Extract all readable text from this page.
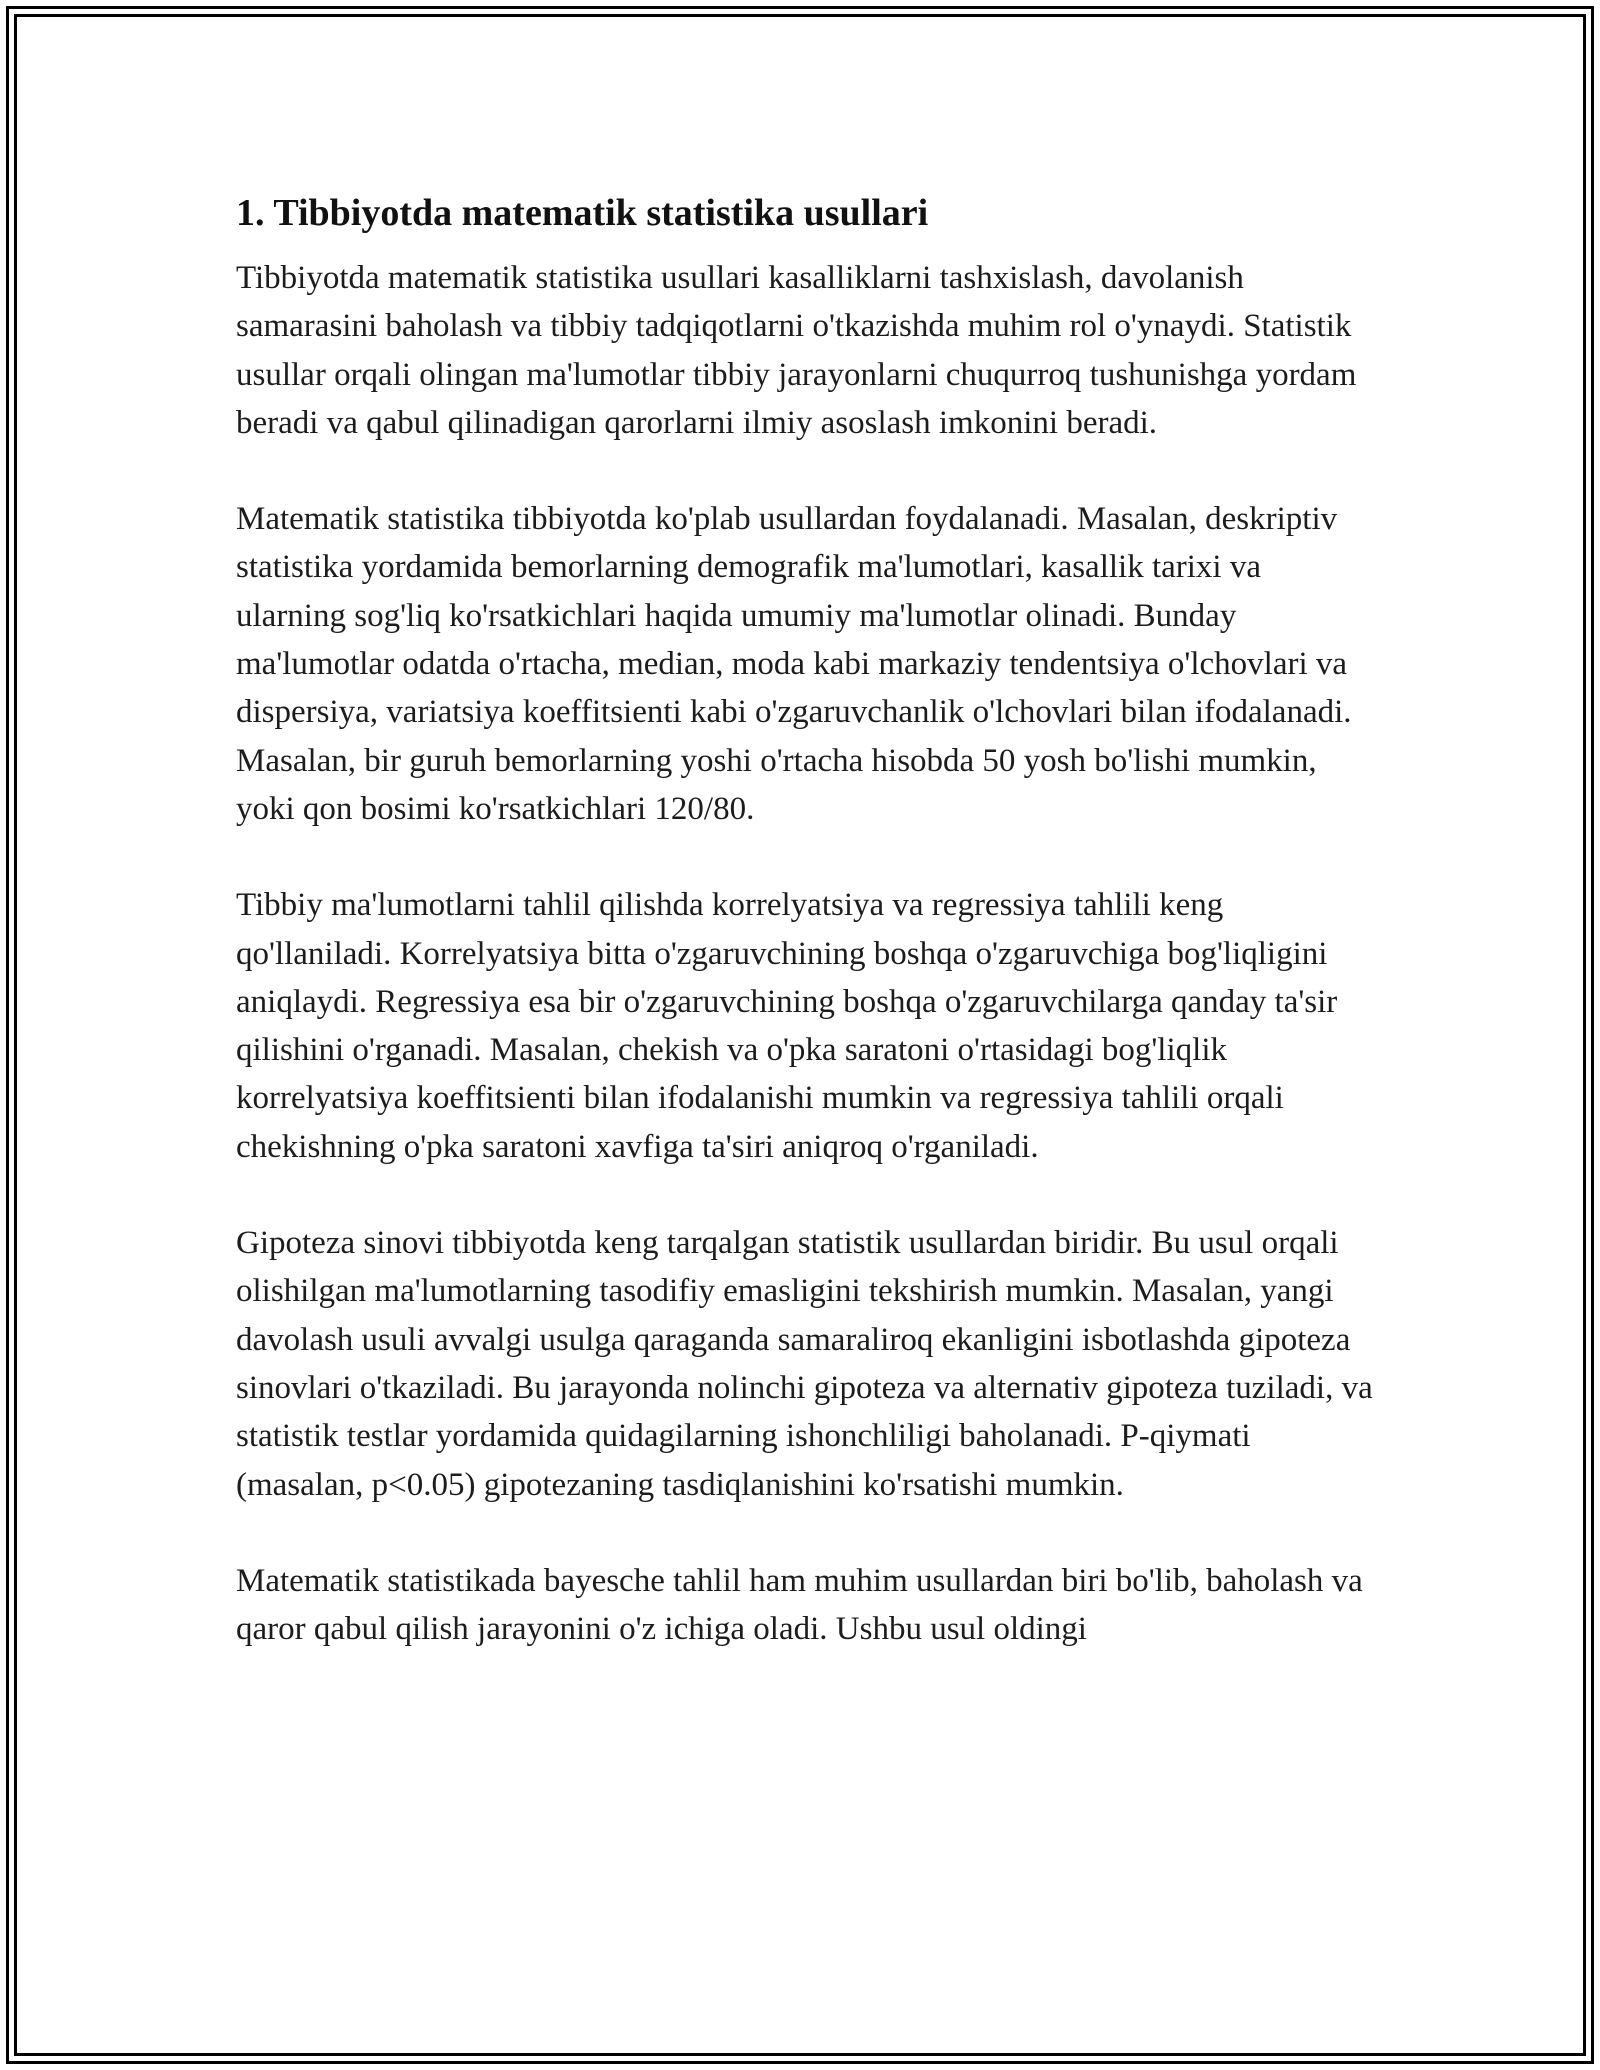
1. Tibbiyotda matematik statistika usullari

Tibbiyotda matematik statistika usullari kasalliklarni tashxislash, davolanish samarasini baholash va tibbiy tadqiqotlarni o'tkazishda muhim rol o'ynaydi. Statistik usullar orqali olingan ma'lumotlar tibbiy jarayonlarni chuqurroq tushunishga yordam beradi va qabul qilinadigan qarorlarni ilmiy asoslash imkonini beradi.

Matematik statistika tibbiyotda ko'plab usullardan foydalanadi. Masalan, deskriptiv statistika yordamida bemorlarning demografik ma'lumotlari, kasallik tarixi va ularning sog'liq ko'rsatkichlari haqida umumiy ma'lumotlar olinadi. Bunday ma'lumotlar odatda o'rtacha, median, moda kabi markaziy tendentsiya o'lchovlari va dispersiya, variatsiya koeffitsienti kabi o'zgaruvchanlik o'lchovlari bilan ifodalanadi. Masalan, bir guruh bemorlarning yoshi o'rtacha hisobda 50 yosh bo'lishi mumkin, yoki qon bosimi ko'rsatkichlari 120/80.

Tibbiy ma'lumotlarni tahlil qilishda korrelyatsiya va regressiya tahlili keng qo'llaniladi. Korrelyatsiya bitta o'zgaruvchining boshqa o'zgaruvchiga bog'liqligini aniqlaydi. Regressiya esa bir o'zgaruvchining boshqa o'zgaruvchilarga qanday ta'sir qilishini o'rganadi. Masalan, chekish va o'pka saratoni o'rtasidagi bog'liqlik korrelyatsiya koeffitsienti bilan ifodalanishi mumkin va regressiya tahlili orqali chekishning o'pka saratoni xavfiga ta'siri aniqroq o'rganiladi.

Gipoteza sinovi tibbiyotda keng tarqalgan statistik usullardan biridir. Bu usul orqali olishilgan ma'lumotlarning tasodifiy emasligini tekshirish mumkin. Masalan, yangi davolash usuli avvalgi usulga qaraganda samaraliroq ekanligini isbotlashda gipoteza sinovlari o'tkaziladi. Bu jarayonda nolinchi gipoteza va alternativ gipoteza tuziladi, va statistik testlar yordamida quidagilarning ishonchliligi baholanadi. P-qiymati (masalan, p<0.05) gipotezaning tasdiqlanishini ko'rsatishi mumkin.

Matematik statistikada bayesche tahlil ham muhim usullardan biri bo'lib, baholash va qaror qabul qilish jarayonini o'z ichiga oladi. Ushbu usul oldingi
